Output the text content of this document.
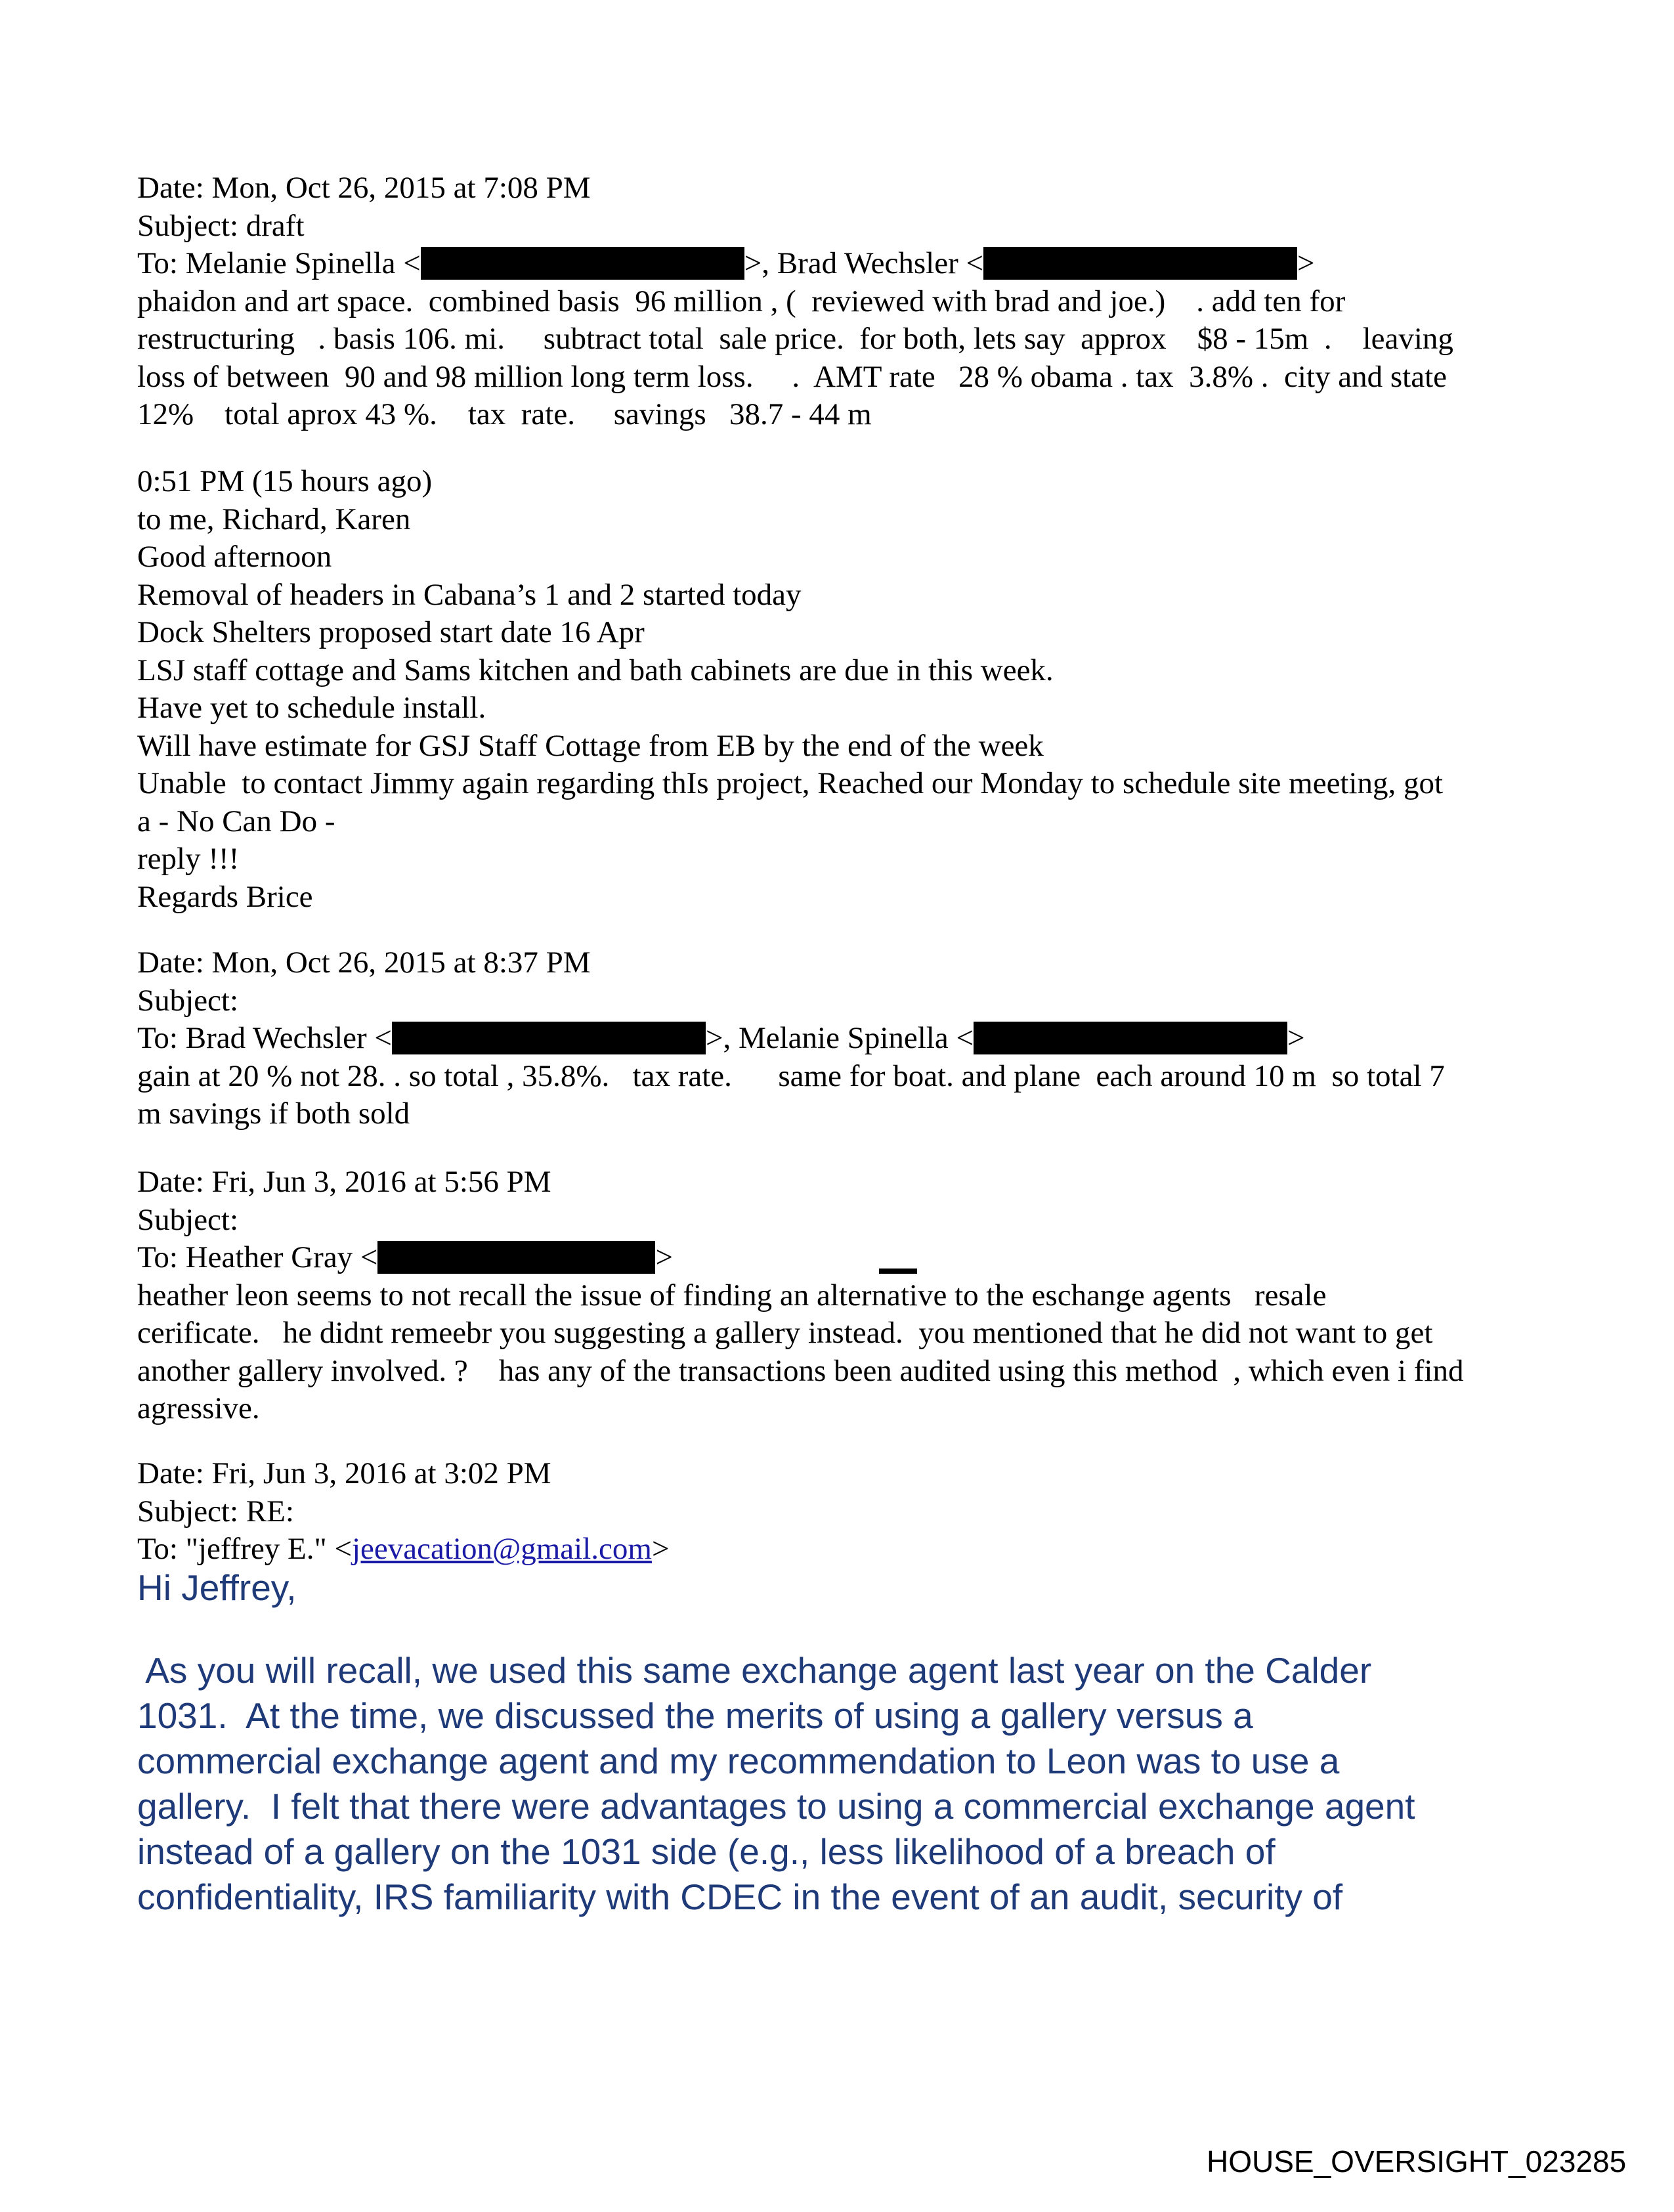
Date: Mon, Oct 26, 2015 at 7:08 PM
Subject: draft
To: Melanie Spinella <	>, Brad Wechsler <	>
phaidon and art space.  combined basis  96 million , (  reviewed with brad and joe.)    . add ten for
restructuring   . basis 106. mi.     subtract total  sale price.  for both, lets say  approx    $8 - 15m  .    leaving
loss of between  90 and 98 million long term loss.     .  AMT rate   28 % obama . tax  3.8% .  city and state
12%    total aprox 43 %.    tax  rate.     savings   38.7 - 44 m
0:51 PM (15 hours ago)
to me, Richard, Karen
Good afternoon
Removal of headers in Cabana’s 1 and 2 started today
Dock Shelters proposed start date 16 Apr
LSJ staff cottage and Sams kitchen and bath cabinets are due in this week.
Have yet to schedule install.
Will have estimate for GSJ Staff Cottage from EB by the end of the week
Unable  to contact Jimmy again regarding thIs project, Reached our Monday to schedule site meeting, got
a - No Can Do -
reply !!!
Regards Brice
Date: Mon, Oct 26, 2015 at 8:37 PM
Subject:
To: Brad Wechsler <	>, Melanie Spinella <	>
gain at 20 % not 28. . so total , 35.8%.   tax rate.      same for boat. and plane  each around 10 m  so total 7
m savings if both sold
Date: Fri, Jun 3, 2016 at 5:56 PM
Subject:
To: Heather Gray <	>
heather leon seems to not recall the issue of finding an alternative to the eschange agents   resale
cerificate.   he didnt remeebr you suggesting a gallery instead.  you mentioned that he did not want to get
another gallery involved. ?    has any of the transactions been audited using this method  , which even i find
agressive.
Date: Fri, Jun 3, 2016 at 3:02 PM
Subject: RE:
To: "jeffrey E." <jeevacation@gmail.com>
Hi Jeffrey,
As you will recall, we used this same exchange agent last year on the Calder
1031.  At the time, we discussed the merits of using a gallery versus a
commercial exchange agent and my recommendation to Leon was to use a
gallery.  I felt that there were advantages to using a commercial exchange agent
instead of a gallery on the 1031 side (e.g., less likelihood of a breach of
confidentiality, IRS familiarity with CDEC in the event of an audit, security of
HOUSE_OVERSIGHT_023285
